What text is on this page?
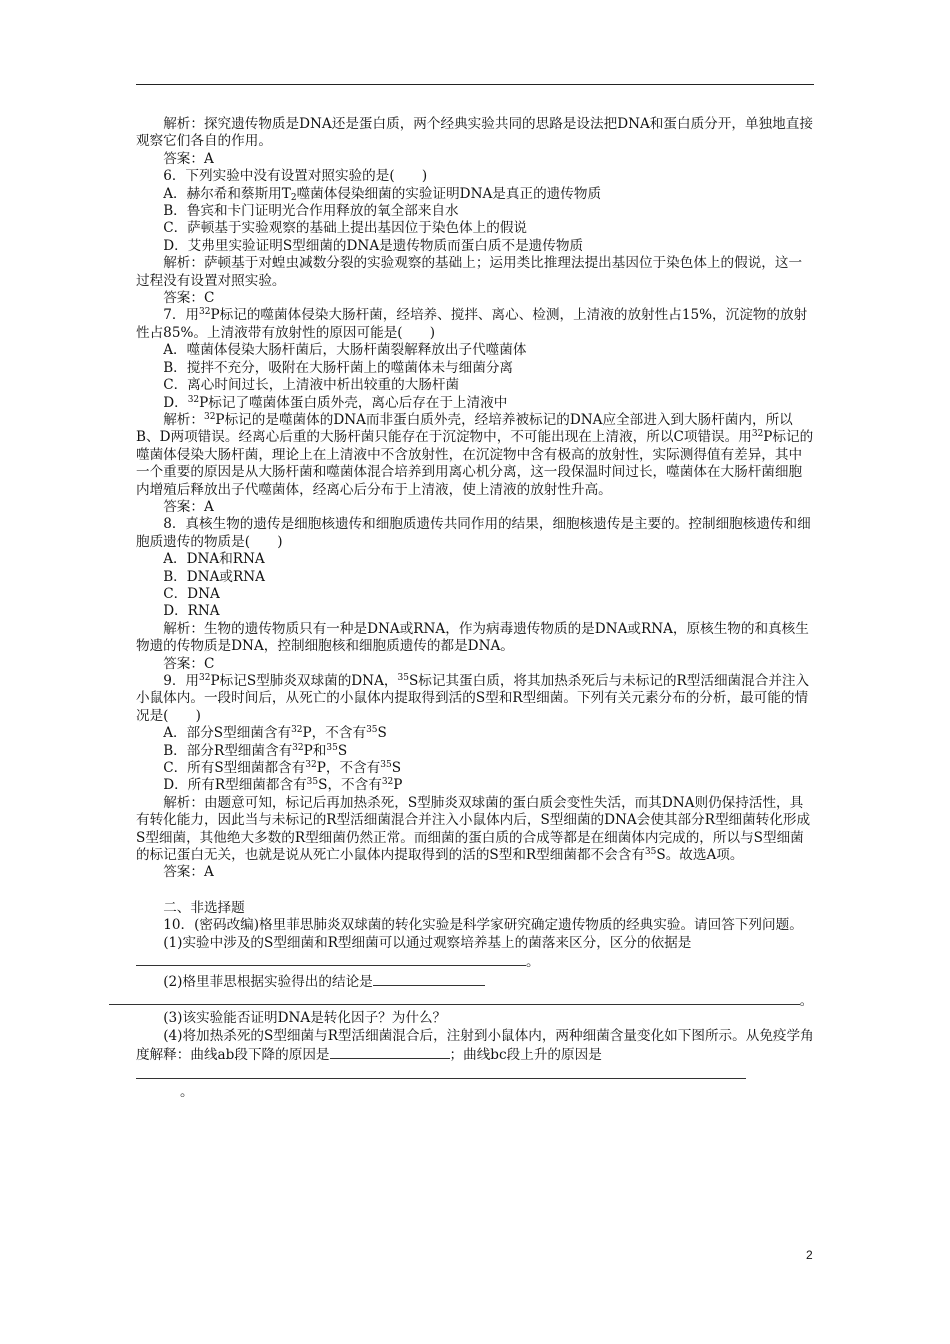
解析：探究遗传物质是DNA还是蛋白质，两个经典实验共同的思路是设法把DNA和蛋白质分开，单独地直接观察它们各自的作用。

答案：A

6．下列实验中没有设置对照实验的是(　　)

A．赫尔希和蔡斯用$T_2$噬菌体侵染细菌的实验证明DNA是真正的遗传物质

B．鲁宾和卡门证明光合作用释放的氧全部来自水

C．萨顿基于实验观察的基础上提出基因位于染色体上的假说

D．艾弗里实验证明S型细菌的DNA是遗传物质而蛋白质不是遗传物质

解析：萨顿基于对蝗虫减数分裂的实验观察的基础上；运用类比推理法提出基因位于染色体上的假说，这一过程没有设置对照实验。

答案：C

7．用$^{32}$P标记的噬菌体侵染大肠杆菌，经培养、搅拌、离心、检测，上清液的放射性占15%，沉淀物的放射性占85%。上清液带有放射性的原因可能是(　　)

A．噬菌体侵染大肠杆菌后，大肠杆菌裂解释放出子代噬菌体

B．搅拌不充分，吸附在大肠杆菌上的噬菌体未与细菌分离

C．离心时间过长，上清液中析出较重的大肠杆菌

D．$^{32}$P标记了噬菌体蛋白质外壳，离心后存在于上清液中

解析：$^{32}$P标记的是噬菌体的DNA而非蛋白质外壳，经培养被标记的DNA应全部进入到大肠杆菌内，所以B、D两项错误。经离心后重的大肠杆菌只能存在于沉淀物中，不可能出现在上清液，所以C项错误。用$^{32}$P标记的噬菌体侵染大肠杆菌，理论上在上清液中不含放射性，在沉淀物中含有极高的放射性，实际测得值有差异，其中一个重要的原因是从大肠杆菌和噬菌体混合培养到用离心机分离，这一段保温时间过长，噬菌体在大肠杆菌细胞内增殖后释放出子代噬菌体，经离心后分布于上清液，使上清液的放射性升高。

答案：A

8．真核生物的遗传是细胞核遗传和细胞质遗传共同作用的结果，细胞核遗传是主要的。控制细胞核遗传和细胞质遗传的物质是(　　)

A．DNA和RNA

B．DNA或RNA

C．DNA

D．RNA

解析：生物的遗传物质只有一种是DNA或RNA，作为病毒遗传物质的是DNA或RNA，原核生物的和真核生物遗的传物质是DNA，控制细胞核和细胞质遗传的都是DNA。

答案：C

9．用$^{32}$P标记S型肺炎双球菌的DNA，$^{35}$S标记其蛋白质，将其加热杀死后与未标记的R型活细菌混合并注入小鼠体内。一段时间后，从死亡的小鼠体内提取得到活的S型和R型细菌。下列有关元素分布的分析，最可能的情况是(　　)

A．部分S型细菌含有$^{32}$P，不含有$^{35}$S

B．部分R型细菌含有$^{32}$P和$^{35}$S

C．所有S型细菌都含有$^{32}$P，不含有$^{35}$S

D．所有R型细菌都含有$^{35}$S，不含有$^{32}$P

解析：由题意可知，标记后再加热杀死，S型肺炎双球菌的蛋白质会变性失活，而其DNA则仍保持活性，具有转化能力，因此当与未标记的R型活细菌混合并注入小鼠体内后，S型细菌的DNA会使其部分R型细菌转化形成S型细菌，其他绝大多数的R型细菌仍然正常。而细菌的蛋白质的合成等都是在细菌体内完成的，所以与S型细菌的标记蛋白无关，也就是说从死亡小鼠体内提取得到的活的S型和R型细菌都不会含有$^{35}$S。故选A项。

答案：A

二、非选择题

10．(密码改编)格里菲思肺炎双球菌的转化实验是科学家研究确定遗传物质的经典实验。请回答下列问题。

(1)实验中涉及的S型细菌和R型细菌可以通过观察培养基上的菌落来区分，区分的依据是。

(2)格里菲思根据实验得出的结论是。

(3)该实验能否证明DNA是转化因子？为什么？

(4)将加热杀死的S型细菌与R型活细菌混合后，注射到小鼠体内，两种细菌含量变化如下图所示。从免疫学角度解释：曲线ab段下降的原因是	；曲线bc段上升的原因是
。

2
